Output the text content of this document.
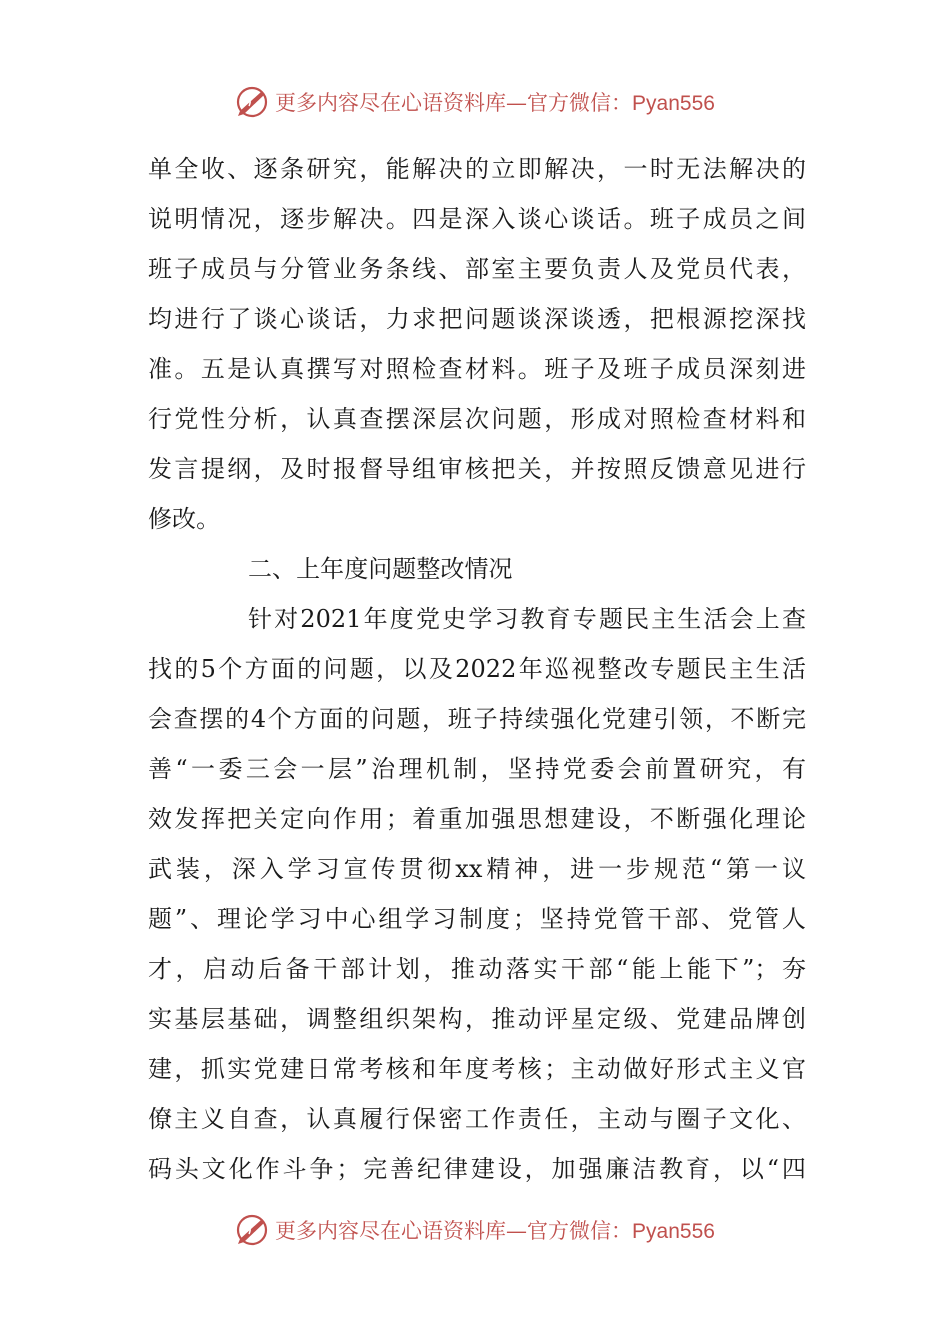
更多内容尽在心语资料库—官方微信：Pyan556
单全收、逐条研究，能解决的立即解决，一时无法解决的
说明情况，逐步解决。四是深入谈心谈话。班子成员之间
班子成员与分管业务条线、部室主要负责人及党员代表，
均进行了谈心谈话，力求把问题谈深谈透，把根源挖深找
准。五是认真撰写对照检查材料。班子及班子成员深刻进
行党性分析，认真查摆深层次问题，形成对照检查材料和
发言提纲，及时报督导组审核把关，并按照反馈意见进行
修改。
二、上年度问题整改情况
针对2021年度党史学习教育专题民主生活会上查
找的5个方面的问题，以及2022年巡视整改专题民主生活
会查摆的4个方面的问题，班子持续强化党建引领，不断完
善“一委三会一层”治理机制，坚持党委会前置研究，有
效发挥把关定向作用；着重加强思想建设，不断强化理论
武装，深入学习宣传贯彻xx精神，进一步规范“第一议
题”、理论学习中心组学习制度；坚持党管干部、党管人
才，启动后备干部计划，推动落实干部“能上能下”；夯
实基层基础，调整组织架构，推动评星定级、党建品牌创
建，抓实党建日常考核和年度考核；主动做好形式主义官
僚主义自查，认真履行保密工作责任，主动与圈子文化、
码头文化作斗争；完善纪律建设，加强廉洁教育，以“四
更多内容尽在心语资料库—官方微信：Pyan556
